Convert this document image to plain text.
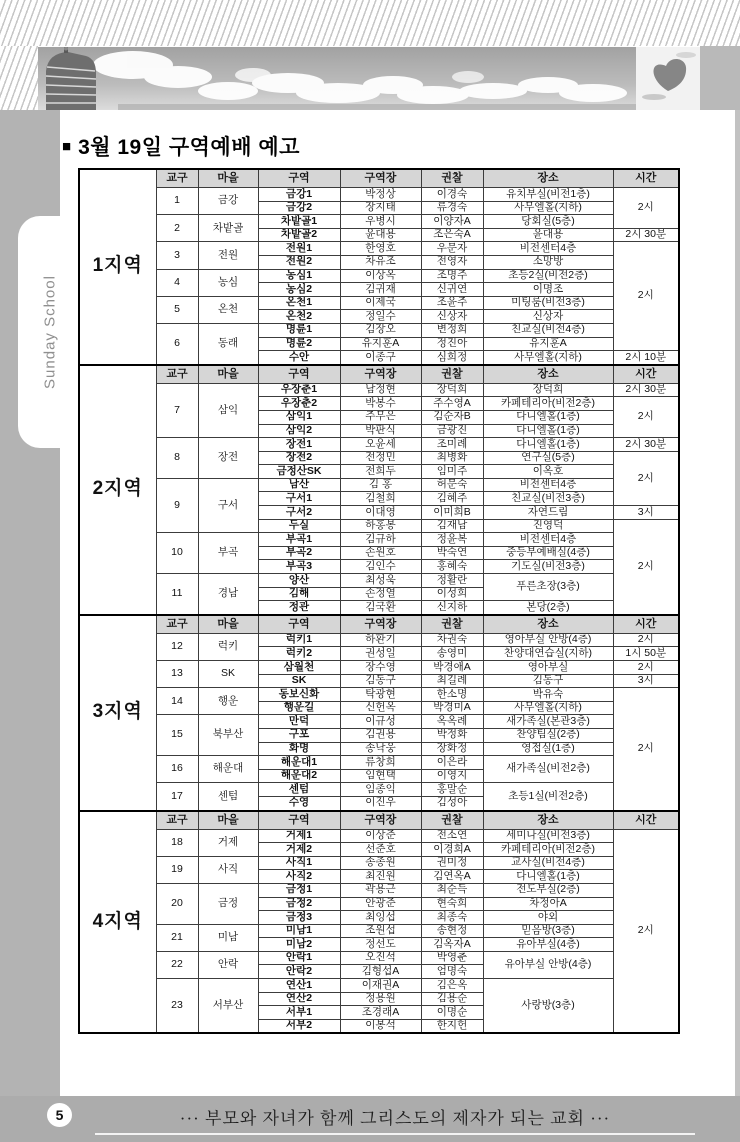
Sunday School
■ 3월 19일 구역예배 예고
1지역	교구	마을	구역	구역장	권찰	장소	시간
	1	금강	금강1	박정상	이경숙	유치부실(비전1층)	2시
			금강2	장지태	류경숙	사무엘홀(지하)	
	2	차밭골	차밭골1	우병시	이양자A	당회실(5층)	
			차밭골2	윤대용	조은숙A	윤대용	2시 30분
	3	전원	전원1	한영호	우문자	비전센터4층	2시
			전원2	차유조	전영자	소망방	
	4	농심	농심1	이상옥	조명주	초등2실(비전2층)	
			농심2	김귀재	신귀연	이명조	
	5	온천	온천1	이제국	조윤주	미팅룸(비전3층)	
			온천2	정일수	신상자	신상자	
	6	동래	명륜1	김장오	변정희	친교실(비전4층)	
			명륜2	유지훈A	정진아	유지훈A	
			수안	이종구	심희정	사무엘홀(지하)	2시 10분
2지역	교구	마을	구역	구역장	권찰	장소	시간
	7	삼익	우장춘1	남정현	장덕희	장덕희	2시 30분
			우장춘2	박봉수	주수영A	카페테리아(비전2층)	2시
			삼익1	주무은	김순자B	다니엘홀(1층)	
			삼익2	박판식	금광진	다니엘홀(1층)	
	8	장전	장전1	오윤세	조미례	다니엘홀(1층)	2시 30분
			장전2	전정민	최병화	연구실(5층)	2시
			금정산SK	전희두	임미주	이옥호	
	9	구서	남산	김 홍	허문숙	비전센터4층	
			구서1	김철희	김혜주	친교실(비전3층)	
			구서2	이대영	이미희B	자연드림	3시
			두실	하홍봉	김재남	진영덕	2시
	10	부곡	부곡1	김규하	정윤복	비전센터4층	
			부곡2	손원호	박숙연	중등부예배실(4층)	
			부곡3	김인수	홍혜숙	기도실(비전3층)	
	11	경남	양산	최성욱	정활란	푸른초장(3층)	
			김해	손정열	이성희		
			정관	김국환	신지하	본당(2층)	
3지역	교구	마을	구역	구역장	권찰	장소	시간
	12	럭키	럭키1	하환기	차권숙	영아부실 안방(4층)	2시
			럭키2	권성일	송영미	찬양대연습실(지하)	1시 50분
	13	SK	삼월천	장수영	박경애A	영아부실	2시
			SK	김동구	최길례	김동구	3시
	14	행운	동보신화	탁광현	한소명	박유숙	2시
			행운길	신헌옥	박경미A	사무엘홀(지하)	
	15	북부산	만덕	이규성	옥옥례	새가족실(본관3층)	
			구포	김권용	박정화	찬양팀실(2층)	
			화명	송낙웅	장화정	영접실(1층)	
	16	해운대	해운대1	류창희	이은라	새가족실(비전2층)	
			해운대2	임현택	이영지		
	17	센텀	센텀	임종익	홍말순	초등1실(비전2층)	
			수영	이진우	김성아		
4지역	교구	마을	구역	구역장	권찰	장소	시간
	18	거제	거제1	이상준	전소연	세미나실(비전3층)	2시
			거제2	선준호	이경희A	카페테리아(비전2층)	
	19	사직	사직1	송종원	권미정	교사실(비전4층)	
			사직2	최진원	김연옥A	다니엘홀(1층)	
	20	금정	금정1	곽용근	최순득	전도부실(2층)	
			금정2	안광준	현숙희	차정아A	
			금정3	최잉섭	최종숙	야외	
	21	미남	미남1	조원섭	송현정	믿음방(3층)	
			미남2	정선도	김옥자A	유아부실(4층)	
	22	안락	안락1	오진석	박영춘	유아부실 안방(4층)	
			안락2	김형섭A	엄명숙		
	23	서부산	연산1	이재권A	김은옥	사랑방(3층)	
			연산2	정용원	김용순		
			서부1	조경래A	이명순		
			서부2	이봉석	한지헌		
5	··· 부모와 자녀가 함께 그리스도의 제자가 되는 교회 ···
